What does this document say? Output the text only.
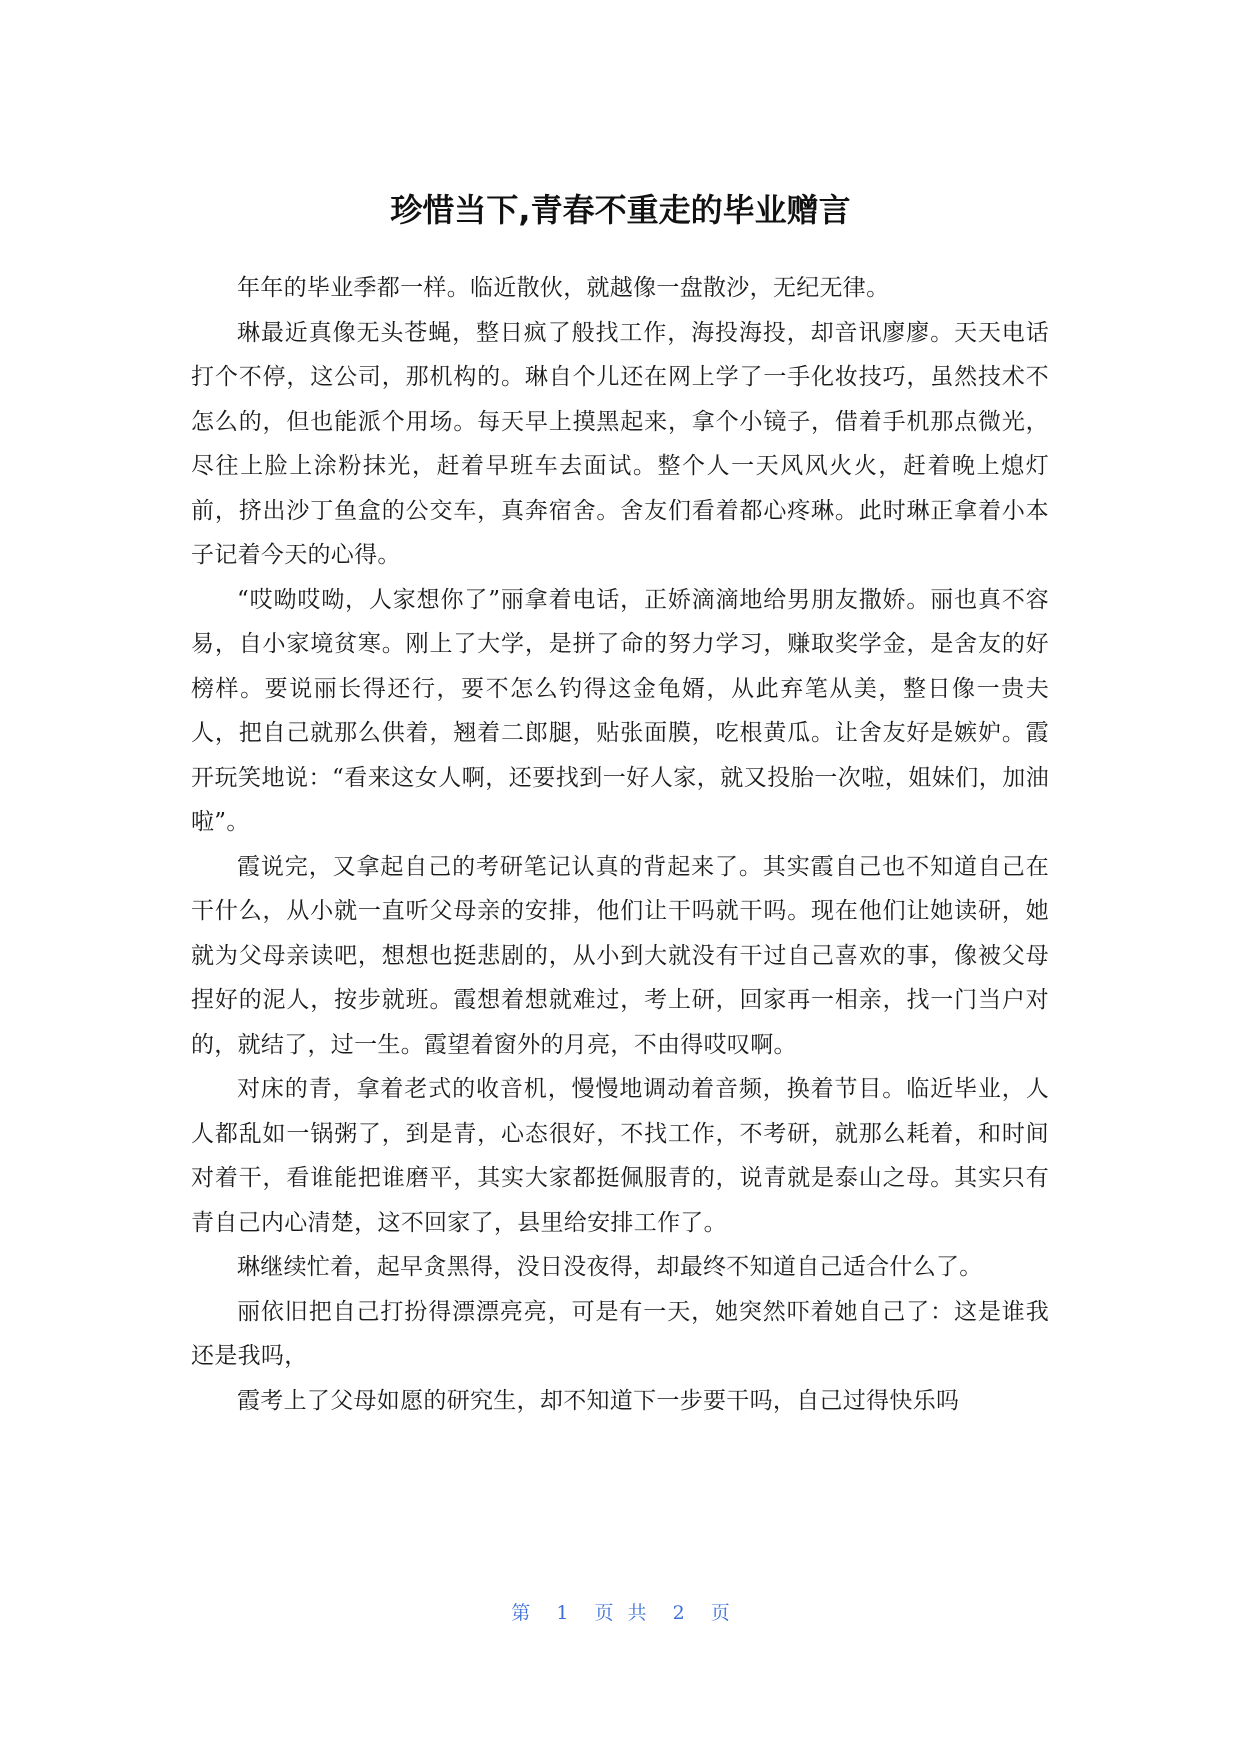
珍惜当下,青春不重走的毕业赠言

年年的毕业季都一样。临近散伙，就越像一盘散沙，无纪无律。

琳最近真像无头苍蝇，整日疯了般找工作，海投海投，却音讯廖廖。天天电话打个不停，这公司，那机构的。琳自个儿还在网上学了一手化妆技巧，虽然技术不怎么的，但也能派个用场。每天早上摸黑起来，拿个小镜子，借着手机那点微光，尽往上脸上涂粉抹光，赶着早班车去面试。整个人一天风风火火，赶着晚上熄灯前，挤出沙丁鱼盒的公交车，真奔宿舍。舍友们看着都心疼琳。此时琳正拿着小本子记着今天的心得。

“哎呦哎呦，人家想你了”丽拿着电话，正娇滴滴地给男朋友撒娇。丽也真不容易，自小家境贫寒。刚上了大学，是拼了命的努力学习，赚取奖学金，是舍友的好榜样。要说丽长得还行，要不怎么钓得这金龟婿，从此弃笔从美，整日像一贵夫人，把自己就那么供着，翘着二郎腿，贴张面膜，吃根黄瓜。让舍友好是嫉妒。霞开玩笑地说：“看来这女人啊，还要找到一好人家，就又投胎一次啦，姐妹们，加油啦”。

霞说完，又拿起自己的考研笔记认真的背起来了。其实霞自己也不知道自己在干什么，从小就一直听父母亲的安排，他们让干吗就干吗。现在他们让她读研，她就为父母亲读吧，想想也挺悲剧的，从小到大就没有干过自己喜欢的事，像被父母捏好的泥人，按步就班。霞想着想就难过，考上研，回家再一相亲，找一门当户对的，就结了，过一生。霞望着窗外的月亮，不由得哎叹啊。

对床的青，拿着老式的收音机，慢慢地调动着音频，换着节目。临近毕业，人人都乱如一锅粥了，到是青，心态很好，不找工作，不考研，就那么耗着，和时间对着干，看谁能把谁磨平，其实大家都挺佩服青的，说青就是泰山之母。其实只有青自己内心清楚，这不回家了，县里给安排工作了。

琳继续忙着，起早贪黑得，没日没夜得，却最终不知道自己适合什么了。

丽依旧把自己打扮得漂漂亮亮，可是有一天，她突然吓着她自己了：这是谁我还是我吗，

霞考上了父母如愿的研究生，却不知道下一步要干吗，自己过得快乐吗

第 1 页 共 2 页
